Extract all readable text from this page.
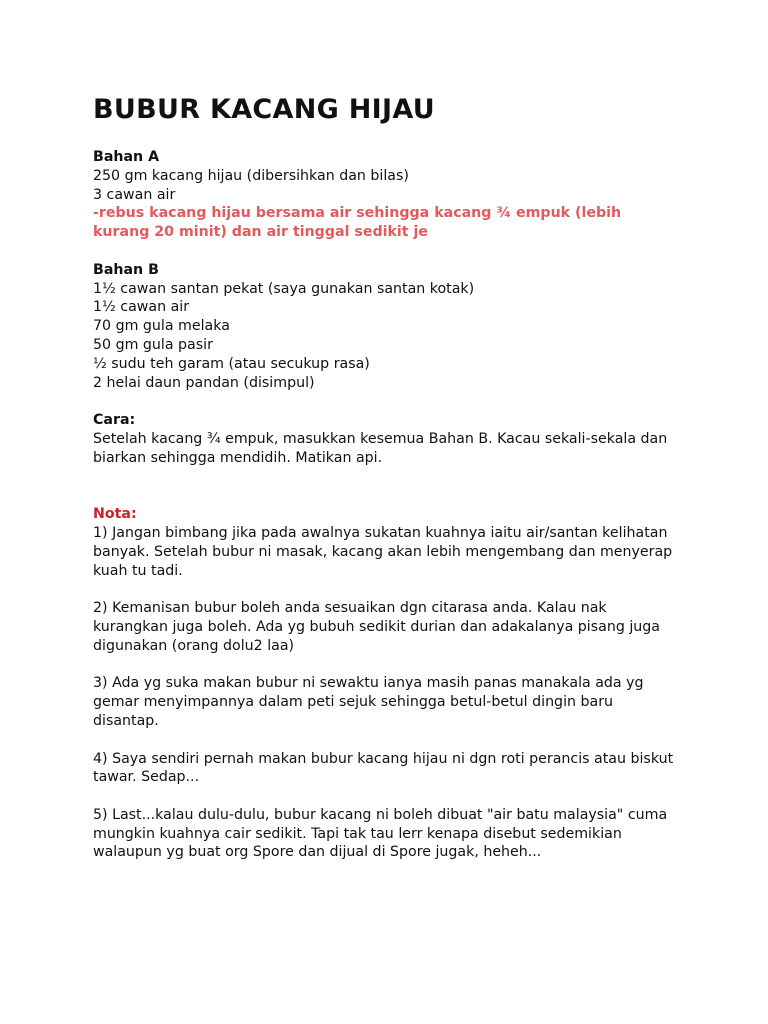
BUBUR KACANG HIJAU

Bahan A

250 gm kacang hijau (dibersihkan dan bilas)

3 cawan air

-rebus kacang hijau bersama air sehingga kacang ¾ empuk (lebih

kurang 20 minit) dan air tinggal sedikit je

Bahan B

1½ cawan santan pekat (saya gunakan santan kotak)

1½ cawan air

70 gm gula melaka

50 gm gula pasir

½ sudu teh garam (atau secukup rasa)

2 helai daun pandan (disimpul)

Cara:

Setelah kacang ¾ empuk, masukkan kesemua Bahan B. Kacau sekali-sekala dan

biarkan sehingga mendidih. Matikan api.

Nota:

1) Jangan bimbang jika pada awalnya sukatan kuahnya iaitu air/santan kelihatan

banyak. Setelah bubur ni masak, kacang akan lebih mengembang dan menyerap

kuah tu tadi.

2) Kemanisan bubur boleh anda sesuaikan dgn citarasa anda. Kalau nak

kurangkan juga boleh. Ada yg bubuh sedikit durian dan adakalanya pisang juga

digunakan (orang dolu2 laa)

3) Ada yg suka makan bubur ni sewaktu ianya masih panas manakala ada yg

gemar menyimpannya dalam peti sejuk sehingga betul-betul dingin baru

disantap.

4) Saya sendiri pernah makan bubur kacang hijau ni dgn roti perancis atau biskut

tawar. Sedap...

5) Last...kalau dulu-dulu, bubur kacang ni boleh dibuat "air batu malaysia" cuma

mungkin kuahnya cair sedikit. Tapi tak tau lerr kenapa disebut sedemikian

walaupun yg buat org Spore dan dijual di Spore jugak, heheh...
